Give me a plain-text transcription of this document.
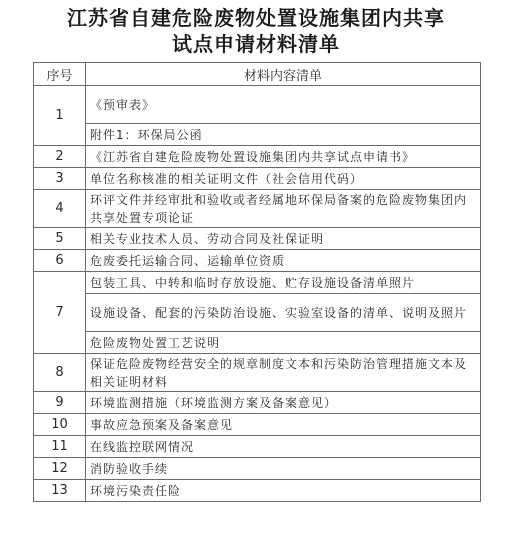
江苏省自建危险废物处置设施集团内共享
试点申请材料清单
序号	材料内容清单
1	《预审表》
	附件1：环保局公函
2	《江苏省自建危险废物处置设施集团内共享试点申请书》
3	单位名称核准的相关证明文件（社会信用代码）
4	环评文件并经审批和验收或者经属地环保局备案的危险废物集团内共享处置专项论证
5	相关专业技术人员、劳动合同及社保证明
6	危废委托运输合同、运输单位资质
7	包装工具、中转和临时存放设施、贮存设施设备清单照片
	设施设备、配套的污染防治设施、实验室设备的清单、说明及照片
	危险废物处置工艺说明
8	保证危险废物经营安全的规章制度文本和污染防治管理措施文本及相关证明材料
9	环境监测措施（环境监测方案及备案意见）
10	事故应急预案及备案意见
11	在线监控联网情况
12	消防验收手续
13	环境污染责任险
